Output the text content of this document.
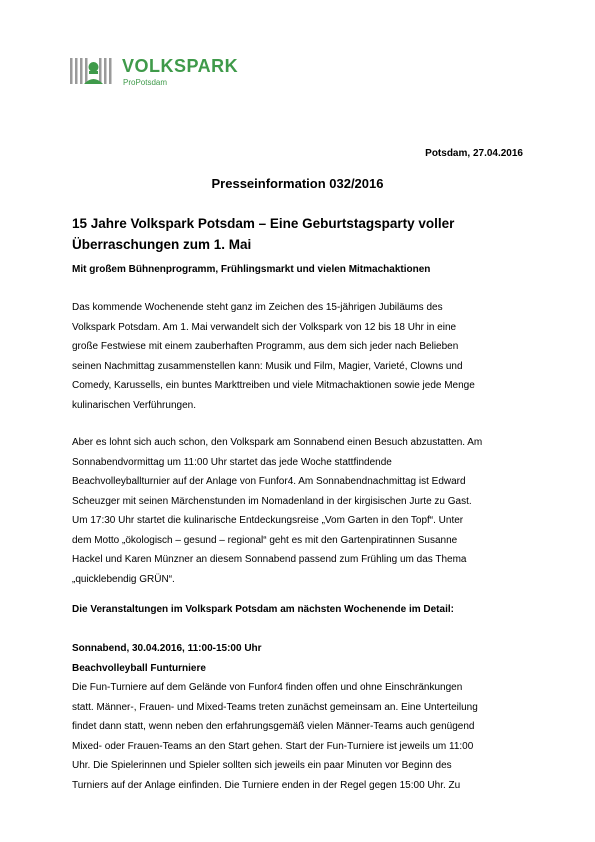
VOLKSPARK
ProPotsdam
Potsdam, 27.04.2016
Presseinformation 032/2016
15 Jahre Volkspark Potsdam – Eine Geburtstagsparty voller
Überraschungen zum 1. Mai
Mit großem Bühnenprogramm, Frühlingsmarkt und vielen Mitmachaktionen

Das kommende Wochenende steht ganz im Zeichen des 15-jährigen Jubiläums des

Volkspark Potsdam. Am 1. Mai verwandelt sich der Volkspark von 12 bis 18 Uhr in eine

große Festwiese mit einem zauberhaften Programm, aus dem sich jeder nach Belieben

seinen Nachmittag zusammenstellen kann: Musik und Film, Magier, Varieté, Clowns und

Comedy, Karussells, ein buntes Markttreiben und viele Mitmachaktionen sowie jede Menge

kulinarischen Verführungen.

Aber es lohnt sich auch schon, den Volkspark am Sonnabend einen Besuch abzustatten. Am

Sonnabendvormittag um 11:00 Uhr startet das jede Woche stattfindende

Beachvolleyballturnier auf der Anlage von Funfor4. Am Sonnabendnachmittag ist Edward

Scheuzger mit seinen Märchenstunden im Nomadenland in der kirgisischen Jurte zu Gast.

Um 17:30 Uhr startet die kulinarische Entdeckungsreise „Vom Garten in den Topf“. Unter

dem Motto „ökologisch – gesund – regional“ geht es mit den Gartenpiratinnen Susanne

Hackel und Karen Münzner an diesem Sonnabend passend zum Frühling um das Thema

„quicklebendig GRÜN“.

Die Veranstaltungen im Volkspark Potsdam am nächsten Wochenende im Detail:

Sonnabend, 30.04.2016, 11:00-15:00 Uhr

Beachvolleyball Funturniere

Die Fun-Turniere auf dem Gelände von Funfor4 finden offen und ohne Einschränkungen

statt. Männer-, Frauen- und Mixed-Teams treten zunächst gemeinsam an. Eine Unterteilung

findet dann statt, wenn neben den erfahrungsgemäß vielen Männer-Teams auch genügend

Mixed- oder Frauen-Teams an den Start gehen. Start der Fun-Turniere ist jeweils um 11:00

Uhr. Die Spielerinnen und Spieler sollten sich jeweils ein paar Minuten vor Beginn des

Turniers auf der Anlage einfinden. Die Turniere enden in der Regel gegen 15:00 Uhr. Zu
